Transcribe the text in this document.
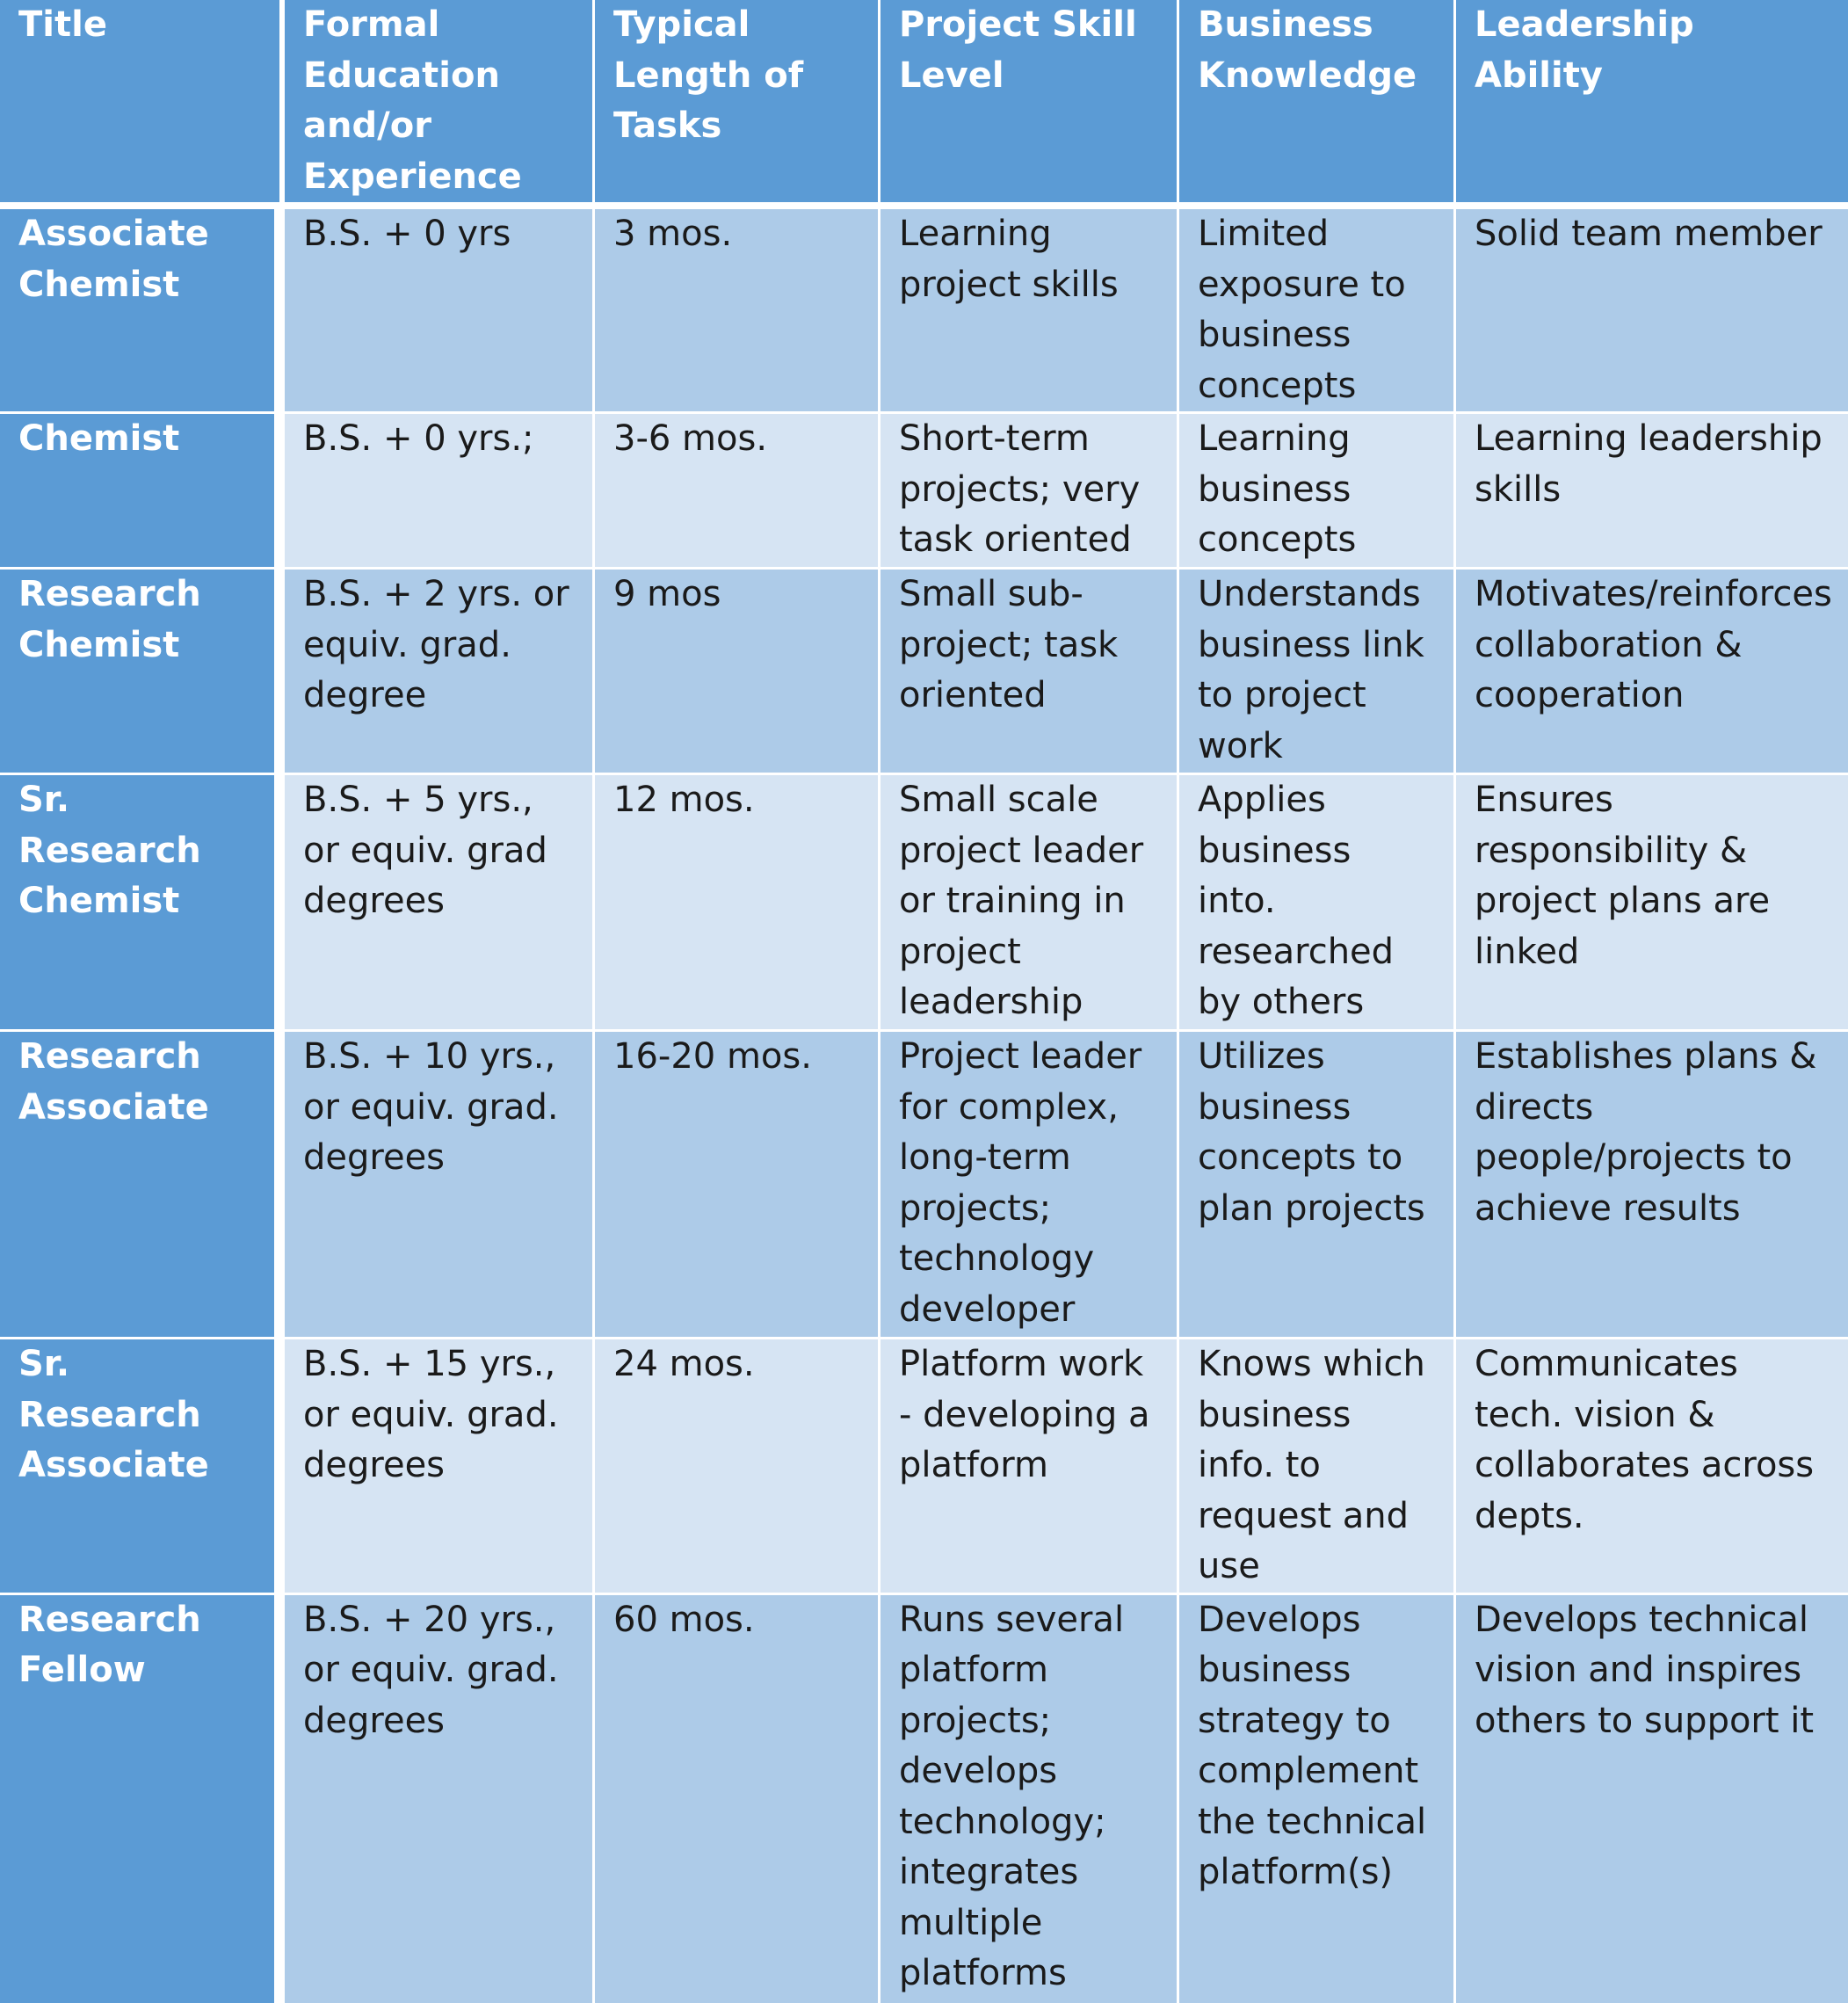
Title	Formal Education and/or Experience	Typical Length of Tasks	Project Skill Level	Business Knowledge	Leadership Ability
Associate Chemist	B.S. + 0 yrs	3 mos.	Learning project skills	Limited exposure to business concepts	Solid team member
Chemist	B.S. + 0 yrs.;	3-6 mos.	Short-term projects; very task oriented	Learning business concepts	Learning leadership skills
Research Chemist	B.S. + 2 yrs. or equiv. grad. degree	9 mos	Small sub-project; task oriented	Understands business link to project work	Motivates/reinforces collaboration & cooperation
Sr. Research Chemist	B.S. + 5 yrs., or equiv. grad degrees	12 mos.	Small scale project leader or training in project leadership	Applies business into. researched by others	Ensures responsibility & project plans are linked
Research Associate	B.S. + 10 yrs., or equiv. grad. degrees	16-20 mos.	Project leader for complex, long-term projects; technology developer	Utilizes business concepts to plan projects	Establishes plans & directs people/projects to achieve results
Sr. Research Associate	B.S. + 15 yrs., or equiv. grad. degrees	24 mos.	Platform work - developing a platform	Knows which business info. to request and use	Communicates tech. vision & collaborates across depts.
Research Fellow	B.S. + 20 yrs., or equiv. grad. degrees	60 mos.	Runs several platform projects; develops technology; integrates multiple platforms	Develops business strategy to complement the technical platform(s)	Develops technical vision and inspires others to support it
